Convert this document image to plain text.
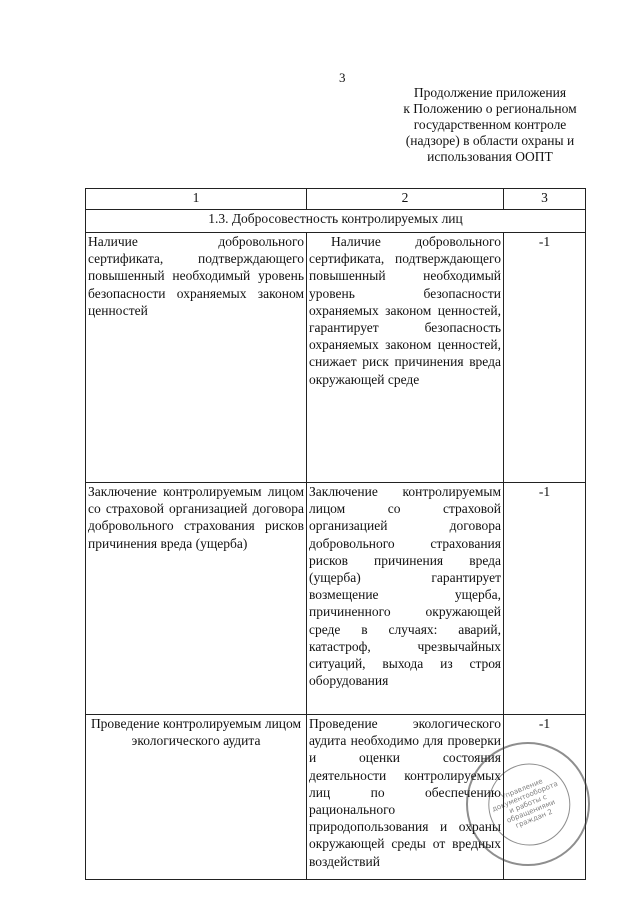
3
Продолжение приложения
к Положению о региональном
государственном контроле
(надзоре) в области охраны и
использования ООПТ
1	2	3
1.3. Добросовестность контролируемых лиц		
Наличие добровольного сертификата, подтверждающего повышенный необходимый уровень безопасности охраняемых законом ценностей	Наличие добровольного сертификата, подтверждающего повышенный необходимый уровень безопасности охраняемых законом ценностей, гарантирует безопасность охраняемых законом ценностей, снижает риск причинения вреда окружающей среде	-1
Заключение контролируемым лицом со страховой организацией договора добровольного страхования рисков причинения вреда (ущерба)	Заключение контролируемым лицом со страховой организацией договора добровольного страхования рисков причинения вреда (ущерба) гарантирует возмещение ущерба, причиненного окружающей среде в случаях: аварий, катастроф, чрезвычайных ситуаций, выхода из строя оборудования	-1
Проведение контролируемым лицом экологического аудита	Проведение экологического аудита необходимо для проверки и оценки состояния деятельности контролируемых лиц по обеспечению рационального природопользования и охраны окружающей среды от вредных воздействий	-1
Управление документооборота и работы с обращениями граждан 2
